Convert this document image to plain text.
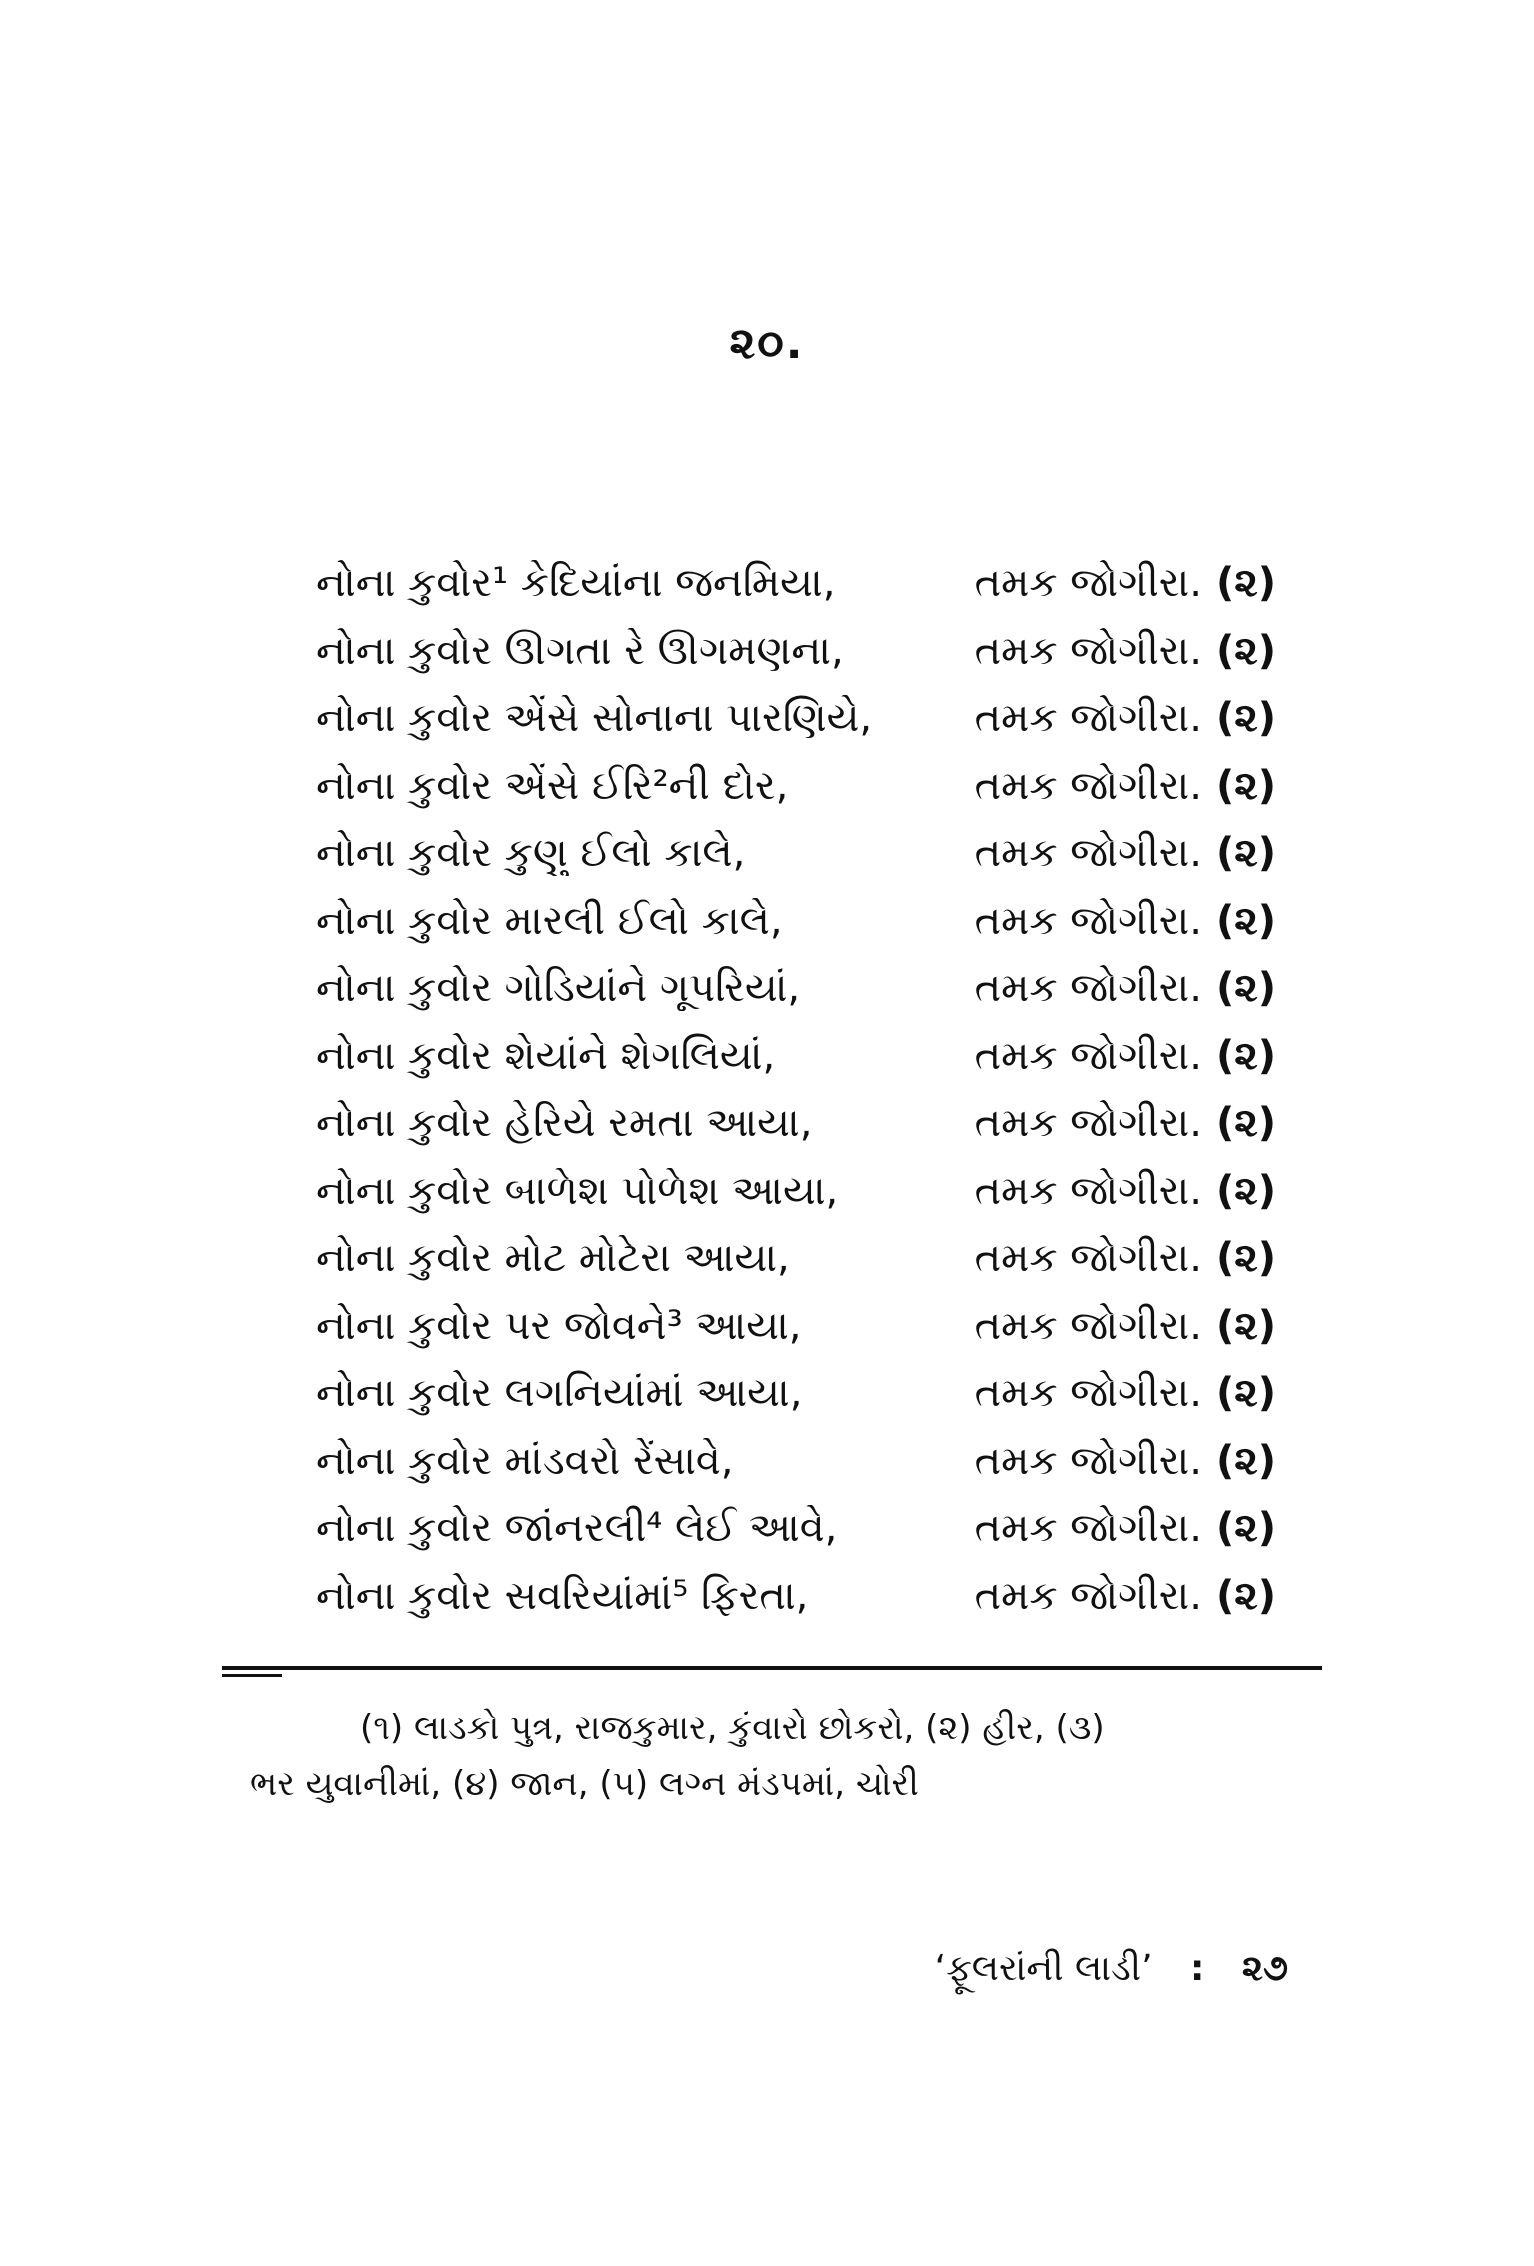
૨૦.
નોના કુવોર¹ કેદિયાંના જનમિયા,	તમક જોગીરા. (૨)
નોના કુવોર ઊગતા રે ઊગમણના,	તમક જોગીરા. (૨)
નોના કુવોર એંસે સોનાના પારણિયે,	તમક જોગીરા. (૨)
નોના કુવોર એંસે ઈરિ²ની દોર,	તમક જોગીરા. (૨)
નોના કુવોર કુણુ ઈલો કાલે,	તમક જોગીરા. (૨)
નોના કુવોર મારલી ઈલો કાલે,	તમક જોગીરા. (૨)
નોના કુવોર ગોડિયાંને ગૂપરિયાં,	તમક જોગીરા. (૨)
નોના કુવોર શેયાંને શેગલિયાં,	તમક જોગીરા. (૨)
નોના કુવોર હેરિયે રમતા આયા,	તમક જોગીરા. (૨)
નોના કુવોર બાળેશ પોળેશ આયા,	તમક જોગીરા. (૨)
નોના કુવોર મોટ મોટેરા આયા,	તમક જોગીરા. (૨)
નોના કુવોર પર જોવને³ આયા,	તમક જોગીરા. (૨)
નોના કુવોર લગનિયાંમાં આયા,	તમક જોગીરા. (૨)
નોના કુવોર માંડવરો રેંસાવે,	તમક જોગીરા. (૨)
નોના કુવોર જાંનરલી⁴ લેઈ આવે,	તમક જોગીરા. (૨)
નોના કુવોર સવરિયાંમાં⁵ ફિરતા,	તમક જોગીરા. (૨)
(૧) લાડકો પુત્ર, રાજકુમાર, કુંવારો છોકરો, (૨) હીર, (૩)
ભર યુવાનીમાં, (૪) જાન, (૫) લગ્ન મંડપમાં, ચોરી
‘ફૂલરાંની લાડી’ : ૨૭
